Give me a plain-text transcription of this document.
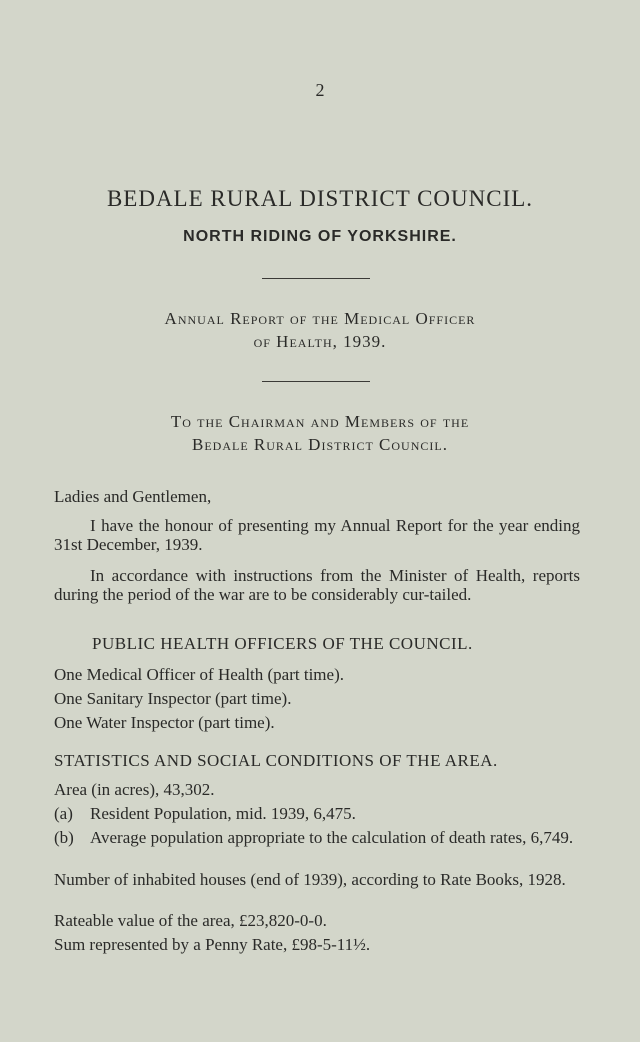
2
BEDALE RURAL DISTRICT COUNCIL.
NORTH RIDING OF YORKSHIRE.
Annual Report of the Medical Officer
of Health, 1939.
To the Chairman and Members of the
Bedale Rural District Council.
Ladies and Gentlemen,
I have the honour of presenting my Annual Report for the year ending 31st December, 1939.
In accordance with instructions from the Minister of Health, reports during the period of the war are to be considerably cur-tailed.
PUBLIC HEALTH OFFICERS OF THE COUNCIL.
One Medical Officer of Health (part time).
One Sanitary Inspector (part time).
One Water Inspector (part time).
STATISTICS AND SOCIAL CONDITIONS OF THE AREA.
Area (in acres), 43,302.
(a) Resident Population, mid. 1939, 6,475.
(b) Average population appropriate to the calculation of death rates, 6,749.
Number of inhabited houses (end of 1939), according to Rate Books, 1928.
Rateable value of the area, £23,820-0-0.
Sum represented by a Penny Rate, £98-5-11½.
